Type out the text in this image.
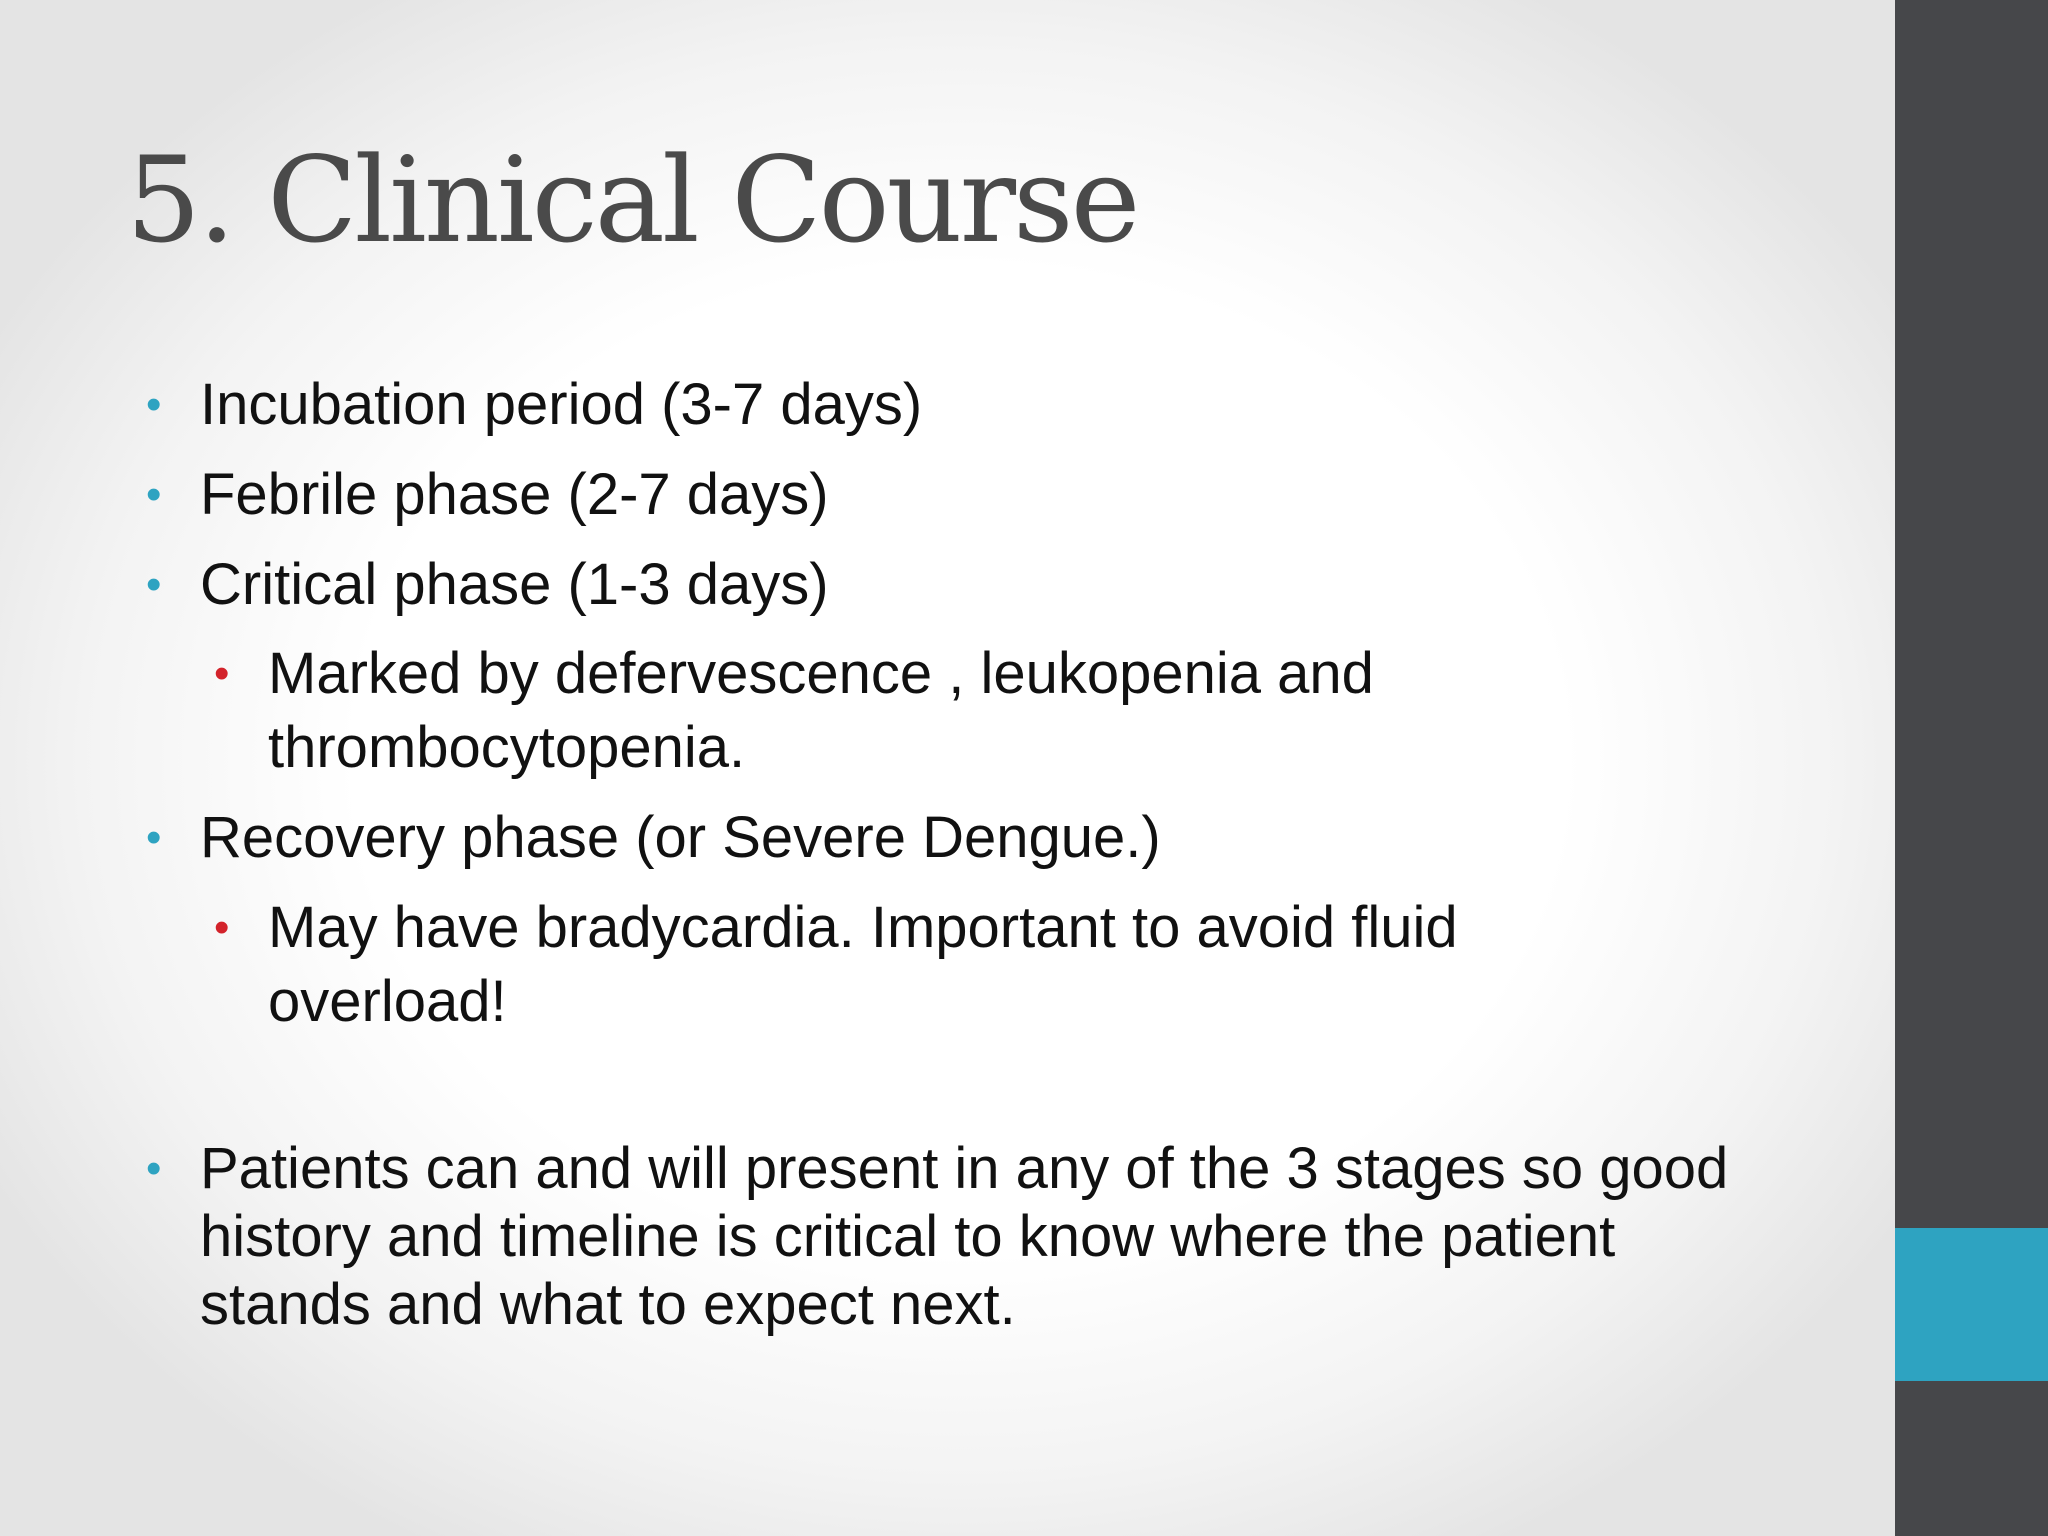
5. Clinical Course
• Incubation period (3-7 days)
• Febrile phase (2-7 days)
• Critical phase (1-3 days)
• Marked by defervescence , leukopenia and thrombocytopenia.
• Recovery phase (or Severe Dengue.)
• May have bradycardia. Important to avoid fluid overload!
• Patients can and will present in any of the 3 stages so good history and timeline is critical to know where the patient stands and what to expect next.
